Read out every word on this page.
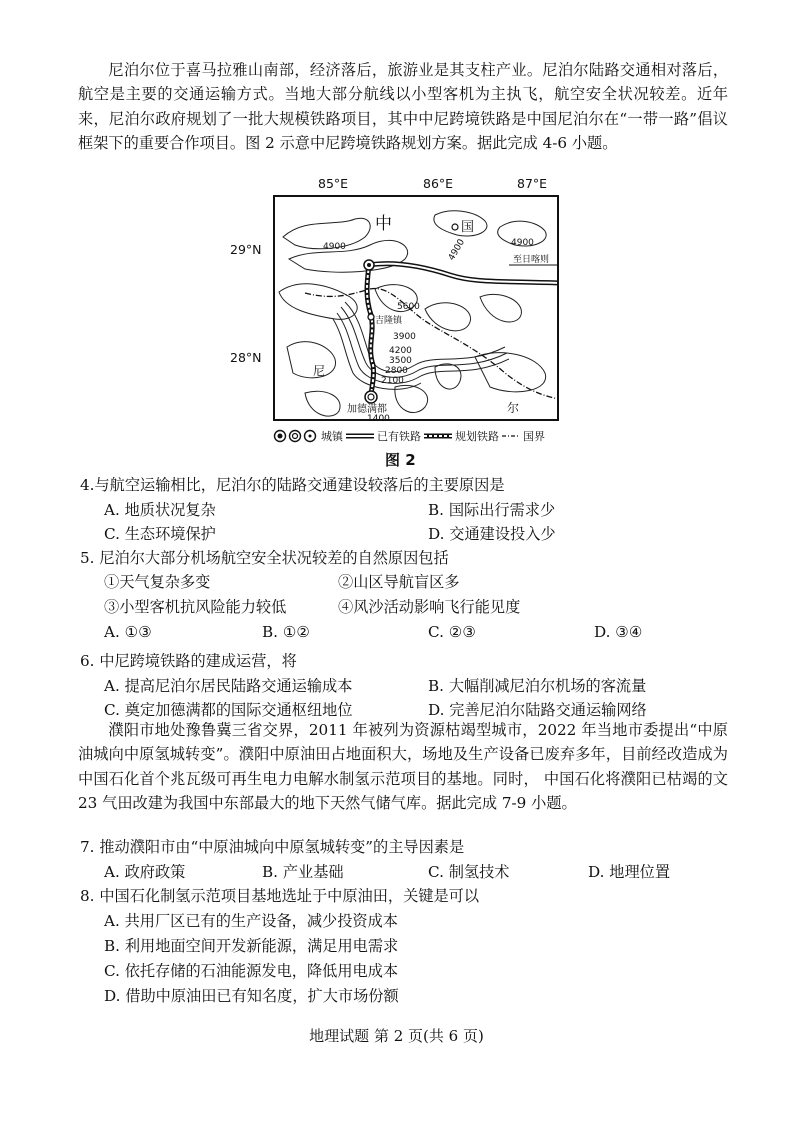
尼泊尔位于喜马拉雅山南部，经济落后，旅游业是其支柱产业。尼泊尔陆路交通相对落后，航空是主要的交通运输方式。当地大部分航线以小型客机为主执飞，航空安全状况较差。近年来，尼泊尔政府规划了一批大规模铁路项目，其中中尼跨境铁路是中国尼泊尔在“一带一路”倡议框架下的重要合作项目。图 2 示意中尼跨境铁路规划方案。据此完成 4-6 小题。

85°E	86°E	87°E
29°N
28°N
中	国
尼
尔
吉隆镇
加德满都
至日喀则
4900	4900
4900
5600
3900
4200
3500
2800
2100
1400
城镇	已有铁路	规划铁路 国界
图 2
4.与航空运输相比，尼泊尔的陆路交通建设较落后的主要原因是
A. 地质状况复杂	B. 国际出行需求少
C. 生态环境保护	D. 交通建设投入少
5. 尼泊尔大部分机场航空安全状况较差的自然原因包括
①天气复杂多变	②山区导航盲区多
③小型客机抗风险能力较低	④风沙活动影响飞行能见度
A. ①③	B. ①②	C. ②③	D. ③④
6. 中尼跨境铁路的建成运营，将
A. 提高尼泊尔居民陆路交通运输成本	B. 大幅削减尼泊尔机场的客流量
C. 奠定加德满都的国际交通枢纽地位	D. 完善尼泊尔陆路交通运输网络

濮阳市地处豫鲁冀三省交界，2011 年被列为资源枯竭型城市，2022 年当地市委提出“中原油城向中原氢城转变”。濮阳中原油田占地面积大，场地及生产设备已废弃多年，目前经改造成为中国石化首个兆瓦级可再生电力电解水制氢示范项目的基地。同时， 中国石化将濮阳已枯竭的文 23 气田改建为我国中东部最大的地下天然气储气库。据此完成 7-9 小题。

7. 推动濮阳市由“中原油城向中原氢城转变”的主导因素是
A. 政府政策	B. 产业基础	C. 制氢技术	D. 地理位置
8. 中国石化制氢示范项目基地选址于中原油田，关键是可以
A. 共用厂区已有的生产设备，减少投资成本
B. 利用地面空间开发新能源，满足用电需求
C. 依托存储的石油能源发电，降低用电成本
D. 借助中原油田已有知名度，扩大市场份额
地理试题 第 2 页(共 6 页)
